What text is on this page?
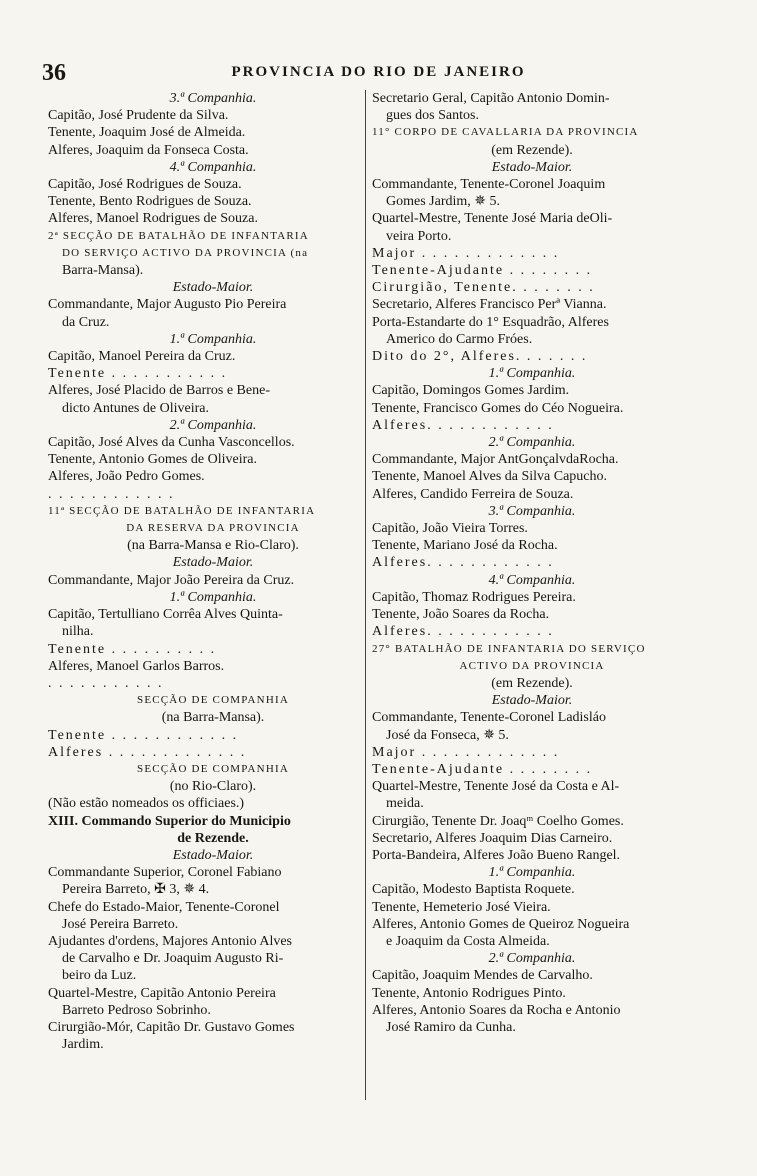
36	PROVINCIA DO RIO DE JANEIRO
3.ª Companhia.
Capitão, José Prudente da Silva.
Tenente, Joaquim José de Almeida.
Alferes, Joaquim da Fonseca Costa.
4.ª Companhia.
Capitão, José Rodrigues de Souza.
Tenente, Bento Rodrigues de Souza.
Alferes, Manoel Rodrigues de Souza.
2ª SECÇÃO DE BATALHÃO DE INFANTARIA
DO SERVIÇO ACTIVO DA PROVINCIA (na
Barra-Mansa).
Estado-Maior.
Commandante, Major Augusto Pio Pereira
da Cruz.
1.ª Companhia.
Capitão, Manoel Pereira da Cruz.
Tenente . . . . . . . . . . .
Alferes, José Placido de Barros e Bene-
dicto Antunes de Oliveira.
2.ª Companhia.
Capitão, José Alves da Cunha Vasconcellos.
Tenente, Antonio Gomes de Oliveira.
Alferes, João Pedro Gomes.
. . . . . . . . . . . .
11ª SECÇÃO DE BATALHÃO DE INFANTARIA
DA RESERVA DA PROVINCIA
(na Barra-Mansa e Rio-Claro).
Estado-Maior.
Commandante, Major João Pereira da Cruz.
1.ª Companhia.
Capitão, Tertulliano Corrêa Alves Quinta-
nilha.
Tenente . . . . . . . . . .
Alferes, Manoel Garlos Barros.
. . . . . . . . . . .
SECÇÃO DE COMPANHIA
(na Barra-Mansa).
Tenente . . . . . . . . . . . .
Alferes . . . . . . . . . . . . .
SECÇÃO DE COMPANHIA
(no Rio-Claro).
(Não estão nomeados os officiaes.)
XIII. Commando Superior do Municipio
de Rezende.
Estado-Maior.
Commandante Superior, Coronel Fabiano
Pereira Barreto, ✠ 3, ✵ 4.
Chefe do Estado-Maior, Tenente-Coronel
José Pereira Barreto.
Ajudantes d'ordens, Majores Antonio Alves
de Carvalho e Dr. Joaquim Augusto Ri-
beiro da Luz.
Quartel-Mestre, Capitão Antonio Pereira
Barreto Pedroso Sobrinho.
Cirurgião-Mór, Capitão Dr. Gustavo Gomes
Jardim.
Secretario Geral, Capitão Antonio Domin-
gues dos Santos.
11° CORPO DE CAVALLARIA DA PROVINCIA
(em Rezende).
Estado-Maior.
Commandante, Tenente-Coronel Joaquim
Gomes Jardim, ✵ 5.
Quartel-Mestre, Tenente José Maria deOli-
veira Porto.
Major . . . . . . . . . . . . .
Tenente-Ajudante . . . . . . . .
Cirurgião, Tenente. . . . . . . .
Secretario, Alferes Francisco Perª Vianna.
Porta-Estandarte do 1° Esquadrão, Alferes
Americo do Carmo Fróes.
Dito do 2°, Alferes. . . . . . .
1.ª Companhia.
Capitão, Domingos Gomes Jardim.
Tenente, Francisco Gomes do Céo Nogueira.
Alferes. . . . . . . . . . . .
2.ª Companhia.
Commandante, Major AntGonçalvdaRocha.
Tenente, Manoel Alves da Silva Capucho.
Alferes, Candido Ferreira de Souza.
3.ª Companhia.
Capitão, João Vieira Torres.
Tenente, Mariano José da Rocha.
Alferes. . . . . . . . . . . .
4.ª Companhia.
Capitão, Thomaz Rodrigues Pereira.
Tenente, João Soares da Rocha.
Alferes. . . . . . . . . . . .
27° BATALHÃO DE INFANTARIA DO SERVIÇO
ACTIVO DA PROVINCIA
(em Rezende).
Estado-Maior.
Commandante, Tenente-Coronel Ladisláo
José da Fonseca, ✵ 5.
Major . . . . . . . . . . . . .
Tenente-Ajudante . . . . . . . .
Quartel-Mestre, Tenente José da Costa e Al-
meida.
Cirurgião, Tenente Dr. Joaqᵐ Coelho Gomes.
Secretario, Alferes Joaquim Dias Carneiro.
Porta-Bandeira, Alferes João Bueno Rangel.
1.ª Companhia.
Capitão, Modesto Baptista Roquete.
Tenente, Hemeterio José Vieira.
Alferes, Antonio Gomes de Queiroz Nogueira
e Joaquim da Costa Almeida.
2.ª Companhia.
Capitão, Joaquim Mendes de Carvalho.
Tenente, Antonio Rodrigues Pinto.
Alferes, Antonio Soares da Rocha e Antonio
José Ramiro da Cunha.
